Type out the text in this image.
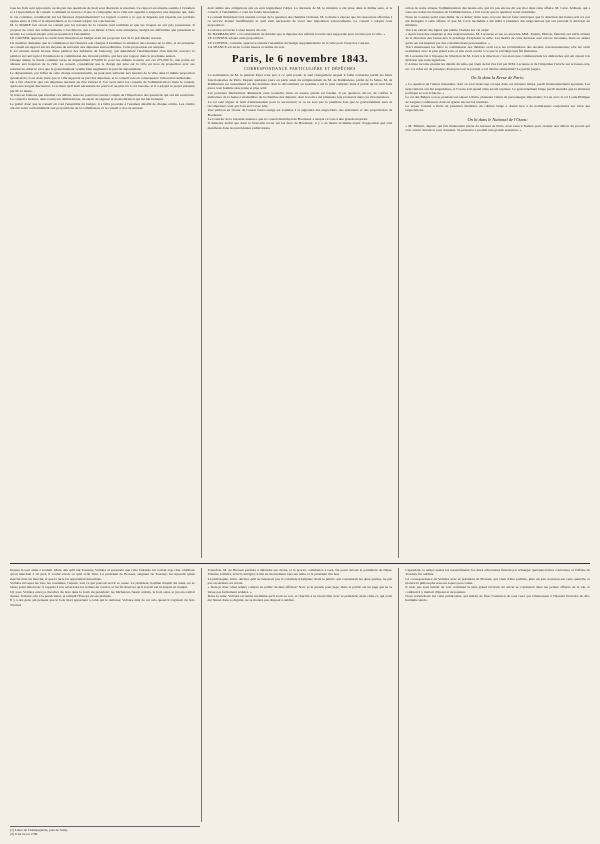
tous les frais sont approuvés, au moyen des questions de droit sont discutées et résolues. Ce rapport est ensuite soumis à l'examen et à l'approbation du conseil. Comment se trouve-t-il que la compagnie de la ville soit appelée à supporter une dépense qui, dans le cas contraire, retomberait sur les finances départementales? Le rapport conclut à ce que la dépense soit répartie par portions égales entre la ville et le département, et le conseil adopte ces conclusions.

M. le MAIRE fait savoir au conseil que les travaux de la caserne sont terminés et que les troupes en ont pris possession. Il propose de voter des remerciements à l'architecte, qui a su mener à bien cette entreprise, malgré les difficultés que présentait le terrain. Le conseil adopte cette proposition à l'unanimité.

LE CONSEIL approuve le crédit dont l'insertion au budget avait été proposée lors de la précédente session.

Un membre demande que la commission des finances soit chargée d'examiner la situation des revenus de la ville, et de présenter au conseil un rapport sur les moyens de subvenir aux dépenses extraordinaires. Cette proposition est adoptée.

Il est ensuite donné lecture d'une pétition des habitants du faubourg, qui demandent l'établissement d'un marché couvert; la pétition est renvoyée à l'examen de la commission des travaux publics, qui fera son rapport dans la prochaine séance.

Chaque année, le fonds commun verse au département 275,000 fr. pour les enfants trouvés; sur ces 275,000 fr., une partie est allouée aux hospices de la ville. Le conseil, considérant que la charge qui pèse sur la ville est hors de proportion avec ses ressources, émet le vœu que le gouvernement veuille bien augmenter la part du département.

Le département, par l'effet de cette charge exceptionnelle, ne peut plus subvenir aux besoins de la ville dans la même proportion qu'autrefois; il est donc juste que la ville supporte sa part des dépenses, et le conseil vote en conséquence l'allocation demandée.

On a fait observer que ces dépenses auraient pu être évitées si l'on avait suivi les conseils de l'administration; mais le conseil, après une longue discussion, a reconnu qu'il était nécessaire de pourvoir au plus tôt à ces besoins, et il a adopté le projet présenté par M. le maire.

Si nous ne faisions que résumer ces débats, nous ne pourrions rendre compte de l'importance des questions qui ont été soulevées. Le conseil a montré, dans toutes ses délibérations, un esprit de sagesse et de modération qui lui fait honneur.

Le préfet donc que le conseil ait voté l'ensemble du budget, il a fallu procéder à l'examen détaillé de chaque article. Les crédits ont été votés conformément aux propositions de la commission, et le conseil a clos sa session.

était admis aux obligations qui en sont légalement l'objet. La décision de M. le ministre a été prise dans le même sens, et le conseil, à l'unanimité, a voté les fonds nécessaires.

Le conseil municipal s'est ensuite occupé de la question des chemins vicinaux. M. le maire a exposé que les ressources affectées à ce service étaient insuffisantes et qu'il était nécessaire de voter une imposition extraordinaire. Le conseil a adopté cette proposition.

La séance est levée à onze heures du soir.

M. BARBANÇON: « Il conviendrait de décider que la dépense des enfants trouvés sera supportée pour un tiers par la ville. »

LE CONSEIL adopte cette proposition.

LE CONSEIL, consulté, approuve ensuite l'ensemble du budget supplémentaire de la ville pour l'exercice courant.

LA SÉANCE est levée à onze heures et demie du soir.

Paris, le 6 novembre 1843.
CORRESPONDANCE PARTICULIÈRE ET DÉPÊCHES

La nomination de M. le général Pajol n'est pas, à ce qu'il paraît, le seul changement auquel il faille s'attendre parmi les hauts fonctionnaires de Paris. Depuis quelques jours on parle aussi du remplacement de M. de Rambuteau, préfet de la Seine. M. de Rambuteau est assurément un des hommes dont le dévouement au système a été le plus complet; mais il paraît qu'on veut faire place à un homme plus jeune et plus actif.

Les journaux ministériels démentent cette nouvelle; mais on assure qu'elle est fondée. Il est question, dit-on, de confier la préfecture de la Seine à un membre de la chambre des députés, dont le nom a été plusieurs fois prononcé dans ces circonstances.

Le roi veut léguer le nom d'ambassadeur pour la succession; et ce ne sera pas la première fois que le gouvernement aura su récompenser ceux qui l'ont servi avec zèle.

Une pétition en faveur de l'union franco-belge est soumise à la signature des négociants, des armateurs et des propriétaires de Bordeaux.

Le Courrier de la Gironde annonce que le conseil municipal de Bordeaux a adopté ce vœu à une grande majorité.

Il demeure établi que dans la Nouvelle revue sur les feux de Bordeaux, il y a au moins le même esprit d'opposition qui s'est manifesté dans les précédentes publications.

ration de notre attaque l'administration des beaux-arts, qui n'a pas encore dit son mot dans cette affaire. M. Cavé, l'éditeur, qui a sous ses ordres les bureaux de l'administration, a fait savoir que la question serait examinée.

Nous ne voulons point nous mêler de ce débat; mais nous croyons devoir faire remarquer que la direction des beaux-arts n'a pas été étrangère à cette affaire, et que M. Cavé lui-même a été mêlé à plusieurs des négociations qui ont précédé la décision du ministre.

Voici un extrait des lignes que publie l'Artiste sur cet objet:

« Après bien des enquêtes et des tergiversations, M. Lacaurne et ses co-associés, MM. Taquin, Dubois, Duteuil, ont enfin obtenu de la direction des beaux-arts le privilège d'exploiter la salle. Les motifs de cette décision sont encore inconnus, mais on assure qu'ils ont été inspirés par des considérations personnelles. »

Voici maintenant les faits: la commission des théâtres avait reçu les réclamations des anciens concessionnaires; elle les avait examinées avec le plus grand soin, et elle avait conclu à ce que le privilège leur fût maintenu.

M. Lacaurne fut à l'époque de l'élection de M. Cavé à la direction; c'est alors que commencèrent les démarches qui ont abouti à la décision que nous signalons.

L'Artiste raconte ensuite les détails du refus qui vient de lui être fait par MM. Lacaurne et de l'imprimer l'article sur le beaux-arts, etc. Ce refus est de principe. Pourquoi tout le journal a-t-il dû être réimprimé? Le public jugera.

On lit dans la Revue de Paris:

« La question de l'union douanière, dont on s'est beaucoup occupé dans ces derniers temps, paraît momentanément ajournée. Les négociations ont été suspendues, et l'on ne sait quand elles seront reprises. Le gouvernement belge paraît attendre que la situation politique se soit éclaircie. »

Le roi des Belges a reçu, pendant son séjour à Paris, plusieurs visites de personnages importants; il a eu avec le roi Louis-Philippe de longues conférences dont on ignore encore les résultats.

Le séjour fortuné à Paris de plusieurs membres du cabinet belge a donné lieu à de nombreuses conjectures sur l'état des négociations.

On lit dans le National de l'Ouest:

« M. Billault, député, qui fait maintenant partie du barreau de Paris, était venu à Nantes pour assister aux débats du procès qui s'est ouvert devant la cour d'assises. Sa présence a produit une grande sensation. »

Jusque-là tout allait à souhait. Mais, dès qu'il eut Tourney, Voltaire se persuada que cette fantaisie lui coûtait trop cher. Oubliant qu'on marchait à vil prix, il voulut ravoir ce qu'il avait livré. Le président de Brosses, seigneur de Tourney, lui répondit qu'un marché était un marché, et que la terre lui appartenait désormais.

Voltaire invoqua les lois, les coutumes, l'équité, tout ce qui pouvait servir sa cause. Le président, homme d'esprit lui aussi, ne se laissa point émouvoir; il rappela à son adversaire les termes du contrat, et lui fit observer qu'il n'avait été ni surpris ni trompé.

Un jour, Voltaire envoya chercher du bois dans la forêt du président; les bûcherons furent arrêtés, le bois saisi, et procès-verbal dressé. Voltaire cria à la persécution, et remplit l'Europe de ses plaintes.

Il y a des gens qui pensent que le bois mort appartient à celui qui le ramasse; Voltaire était de cet avis quand il s'agissait du bois d'autrui.

Toutefois, M. de Brosses persista à défendre ses droits, et le procès, commencé à Gex, fut porté devant le parlement de Dijon. Voltaire sollicita, écrivit, intrigua; il mit en mouvement tous ses amis, et le président tint bon.

Le philosophe, irrité, déclara qu'il ne laisserait pas la calomnie triompher; mais le public, qui connaissait les deux parties, ne prit pas au sérieux ces éclats.

« Dois-je donc ainsi rendre compte au public de mes affaires? Non: je le prends pour juge; mais le public est un juge qui ne se laisse pas facilement séduire. »

Dans la suite, Voltaire reconnut lui-même qu'il avait eu tort, et chercha à se réconcilier avec le président; mais celui-ci, qui avait été blessé dans sa dignité, ne se montra pas disposé à oublier.

Cependant, le temps apaisa les ressentiments; les deux adversaires finirent par échanger quelques lettres courtoises, et l'affaire de Tourney fut oubliée.

La correspondance de Voltaire avec le président de Brosses, qui vient d'être publiée, jette un jour nouveau sur cette querelle, et montre le philosophe sous un aspect peu connu.

Il n'est pas sans intérêt de voir comment le plus grand écrivain du siècle se conduisait dans les petites affaires de la vie, et combien il y mettait d'âpreté et de passion.

Nous reviendrons sur cette publication, qui mérite de fixer l'attention de tous ceux qui s'intéressent à l'histoire littéraire du dix-huitième siècle.

(1) Lettre de Champagnette, près de Samy.
(2) Il est né en 1709.
